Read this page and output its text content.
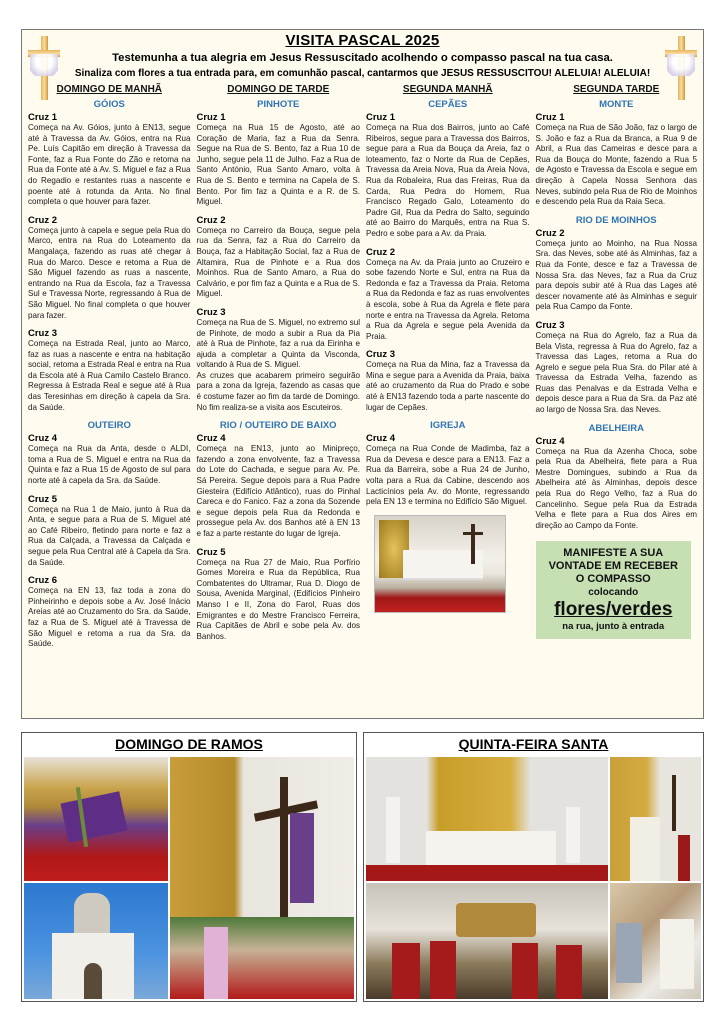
VISITA PASCAL 2025
Testemunha a tua alegria em Jesus Ressuscitado acolhendo o compasso pascal na tua casa.
Sinaliza com flores a tua entrada para, em comunhão pascal, cantarmos que JESUS RESSUSCITOU! ALELUIA! ALELUIA!
DOMINGO DE MANHÃ
GÓIOS
Cruz 1
Começa na Av. Góios, junto à EN13, segue até à Travessa da Av. Góios, entra na Rua Pe. Luís Capitão em direção à Travessa da Fonte, faz a Rua Fonte do Zão e retoma na Rua da Fonte até à Av. S. Miguel e faz a Rua do Regadio e restantes ruas a nascente e poente até à rotunda da Anta. No final completa o que houver para fazer.
Cruz 2
Começa junto à capela e segue pela Rua do Marco, entra na Rua do Loteamento da Mangalaça, fazendo as ruas até chegar à Rua do Marco. Desce e retoma a Rua de São Miguel fazendo as ruas a nascente, entrando na Rua da Escola, faz a Travessa Sul e Travessa Norte, regressando à Rua de São Miguel. No final completa o que houver para fazer.
Cruz 3
Começa na Estrada Real, junto ao Marco, faz as ruas a nascente e entra na habitação social, retoma a Estrada Real e entra na Rua da Escola até à Rua Camilo Castelo Branco. Regressa à Estrada Real e segue até à Rua das Teresinhas em direção à capela da Sra. da Saúde.
OUTEIRO
Cruz 4
Começa na Rua da Anta, desde o ALDI, toma a Rua de S. Miguel e entra na Rua da Quinta e faz a Rua 15 de Agosto de sul para norte até à capela da Sra. da Saúde.
Cruz 5
Começa na Rua 1 de Maio, junto à Rua da Anta, e segue para a Rua de S. Miguel até ao Café Ribeiro, fletindo para norte e faz a Rua da Calçada, a Travessa da Calçada e segue pela Rua Central até à Capela da Sra. da Saúde.
Cruz 6
Começa na EN 13, faz toda a zona do Pinheirinho e depois sobe a Av. José Inácio Areias até ao Cruzamento do Sra. da Saúde, faz a Rua de S. Miguel até à Travessa de São Miguel e retoma a rua da Sra. da Saúde.
DOMINGO DE TARDE
PINHOTE
Cruz 1
Começa na Rua 15 de Agosto, até ao Coração de Maria, faz a Rua da Senra. Segue na Rua de S. Bento, faz a Rua 10 de Junho, segue pela 11 de Julho. Faz a Rua de Santo António, Rua Santo Amaro, volta à Rua de S. Bento e termina na Capela de S. Bento. Por fim faz a Quinta e a R. de S. Miguel.
Cruz 2
Começa no Carreiro da Bouça, segue pela rua da Senra, faz a Rua do Carreiro da Bouça, faz a Habitação Social, faz a Rua de Altamira, Rua de Pinhote e a Rua dos Moinhos. Rua de Santo Amaro, a Rua do Calvário, e por fim faz a Quinta e a Rua de S. Miguel.
Cruz 3
Começa na Rua de S. Miguel, no extremo sul de Pinhote, de modo a subir a Rua da Pia até à Rua de Pinhote, faz a rua da Eirinha e ajuda a completar a Quinta da Visconda, voltando à Rua de S. Miguel.
As cruzes que acabarem primeiro seguirão para a zona da Igreja, fazendo as casas que é costume fazer ao fim da tarde de Domingo. No fim realiza-se a visita aos Escuteiros.
RIO / OUTEIRO DE BAIXO
Cruz 4
Começa na EN13, junto ao Minipreço, fazendo a zona envolvente, faz a Travessa do Lote do Cachada, e segue para Av. Pe. Sá Pereira. Segue depois para a Rua Padre Giesteira (Edifício Atlântico), ruas do Pinhal Careca e do Fanico. Faz a zona da Sozende e segue depois pela Rua da Redonda e prossegue pela Av. dos Banhos até à EN 13 e faz a parte restante do lugar de Igreja.
Cruz 5
Começa na Rua 27 de Maio, Rua Porfírio Gomes Moreira e Rua da República, Rua Combatentes do Ultramar, Rua D. Diogo de Sousa, Avenida Marginal, (Edifícios Pinheiro Manso I e II, Zona do Farol, Ruas dos Emigrantes e do Mestre Francisco Ferreira, Rua Capitães de Abril e sobe pela Av. dos Banhos.
SEGUNDA MANHÃ
CEPÃES
Cruz 1
Começa na Rua dos Bairros, junto ao Café Ribeiros, segue para a Travessa dos Bairros, segue para a Rua da Bouça da Areia, faz o loteamento, faz o Norte da Rua de Cepães, Travessa da Areia Nova, Rua da Areia Nova, Rua da Robaleira, Rua das Freiras, Rua da Carda, Rua Pedra do Homem, Rua Francisco Regado Galo, Loteamento do Padre Gil, Rua da Pedra do Salto, seguindo até ao Bairro do Marquês, entra na Rua S. Pedro e sobe para a Av. da Praia.
Cruz 2
Começa na Av. da Praia junto ao Cruzeiro e sobe fazendo Norte e Sul, entra na Rua da Redonda e faz a Travessa da Praia. Retoma a Rua da Redonda e faz as ruas envolventes à escola, sobe à Rua da Agrela e flete para norte e entra na Travessa da Agrela. Retoma a Rua da Agrela e segue pela Avenida da Praia.
Cruz 3
Começa na Rua da Mina, faz a Travessa da Mina e segue para a Avenida da Praia, baixa até ao cruzamento da Rua do Prado e sobe até à EN13 fazendo toda a parte nascente do lugar de Cepães.
IGREJA
Cruz 4
Começa na Rua Conde de Madimba, faz a Rua da Devesa e desce para a EN13. Faz a Rua da Barreira, sobe a Rua 24 de Junho, volta para a Rua da Cabine, descendo aos Lacticínios pela Av. do Monte, regressando pela EN 13 e termina no Edifício São Miguel.
SEGUNDA TARDE
MONTE
Cruz 1
Começa na Rua de São João, faz o largo de S. João e faz a Rua da Branca, a Rua 9 de Abril, a Rua das Cameiras e desce para a Rua da Bouça do Monte, fazendo a Rua 5 de Agosto e Travessa da Escola e segue em direção à Capela Nossa Senhora das Neves, subindo pela Rua de Rio de Moinhos e descendo pela Rua da Raia Seca.
RIO DE MOINHOS
Cruz 2
Começa junto ao Moinho, na Rua Nossa Sra. das Neves, sobe até às Alminhas, faz a Rua da Fonte, desce e faz a Travessa de Nossa Sra. das Neves, faz a Rua da Cruz para depois subir até à Rua das Lages até descer novamente até às Alminhas e seguir pela Rua Campo da Fonte.
Cruz 3
Começa na Rua do Agrelo, faz a Rua da Bela Vista, regressa à Rua do Agrelo, faz a Travessa das Lages, retoma a Rua do Agrelo e segue pela Rua Sra. do Pilar até à Travessa da Estrada Velha, fazendo as Ruas das Penalvas e da Estrada Velha e depois desce para a Rua da Sra. da Paz até ao largo de Nossa Sra. das Neves.
ABELHEIRA
Cruz 4
Começa na Rua da Azenha Choca, sobe pela Rua da Abelheira, flete para a Rua Mestre Domingues, subindo a Rua da Abelheira até às Alminhas, depois desce pela Rua do Rego Velho, faz a Rua do Cancelinho. Segue pela Rua da Estrada Velha e flete para a Rua dos Aires em direção ao Campo da Fonte.
MANIFESTE A SUA
VONTADE EM RECEBER
O COMPASSO
colocando
flores/verdes
na rua, junto à entrada
DOMINGO DE RAMOS	QUINTA-FEIRA SANTA
